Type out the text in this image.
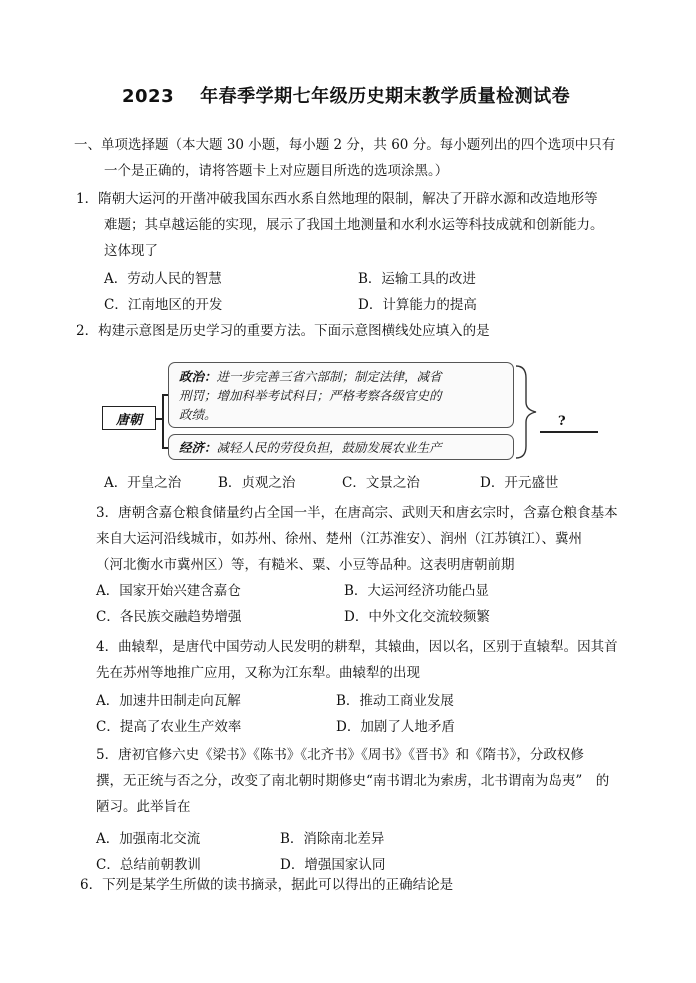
2023 年春季学期七年级历史期末教学质量检测试卷
一、单项选择题（本大题 30 小题，每小题 2 分，共 60 分。每小题列出的四个选项中只有
一个是正确的，请将答题卡上对应题目所选的选项涂黑。）
1．隋朝大运河的开凿冲破我国东西水系自然地理的限制，解决了开辟水源和改造地形等
难题；其卓越运能的实现，展示了我国土地测量和水利水运等科技成就和创新能力。
这体现了
A．劳动人民的智慧	B．运输工具的改进
C．江南地区的开发	D．计算能力的提高
2．构建示意图是历史学习的重要方法。下面示意图横线处应填入的是
唐朝
政治：进一步完善三省六部制；制定法律，减省
刑罚；增加科举考试科目；严格考察各级官史的
政绩。
经济：减轻人民的劳役负担，鼓励发展农业生产
?
A．开皇之治	B．贞观之治	C．文景之治	D．开元盛世
3．唐朝含嘉仓粮食储量约占全国一半，在唐高宗、武则天和唐玄宗时，含嘉仓粮食基本
来自大运河沿线城市，如苏州、徐州、楚州（江苏淮安）、润州（江苏镇江）、冀州
（河北衡水市冀州区）等，有糙米、粟、小豆等品种。这表明唐朝前期
A．国家开始兴建含嘉仓	B．大运河经济功能凸显
C．各民族交融趋势增强	D．中外文化交流较频繁
4．曲辕犁，是唐代中国劳动人民发明的耕犁，其辕曲，因以名，区别于直辕犁。因其首
先在苏州等地推广应用，又称为江东犁。曲辕犁的出现
A．加速井田制走向瓦解	B．推动工商业发展
C．提高了农业生产效率	D．加剧了人地矛盾
5．唐初官修六史《梁书》《陈书》《北齐书》《周书》《晋书》和《隋书》，分政权修
撰，无正统与否之分，改变了南北朝时期修史“南书谓北为索虏，北书谓南为岛夷”　的
陋习。此举旨在
A．加强南北交流	B．消除南北差异
C．总结前朝教训	D．增强国家认同
6．下列是某学生所做的读书摘录，据此可以得出的正确结论是
